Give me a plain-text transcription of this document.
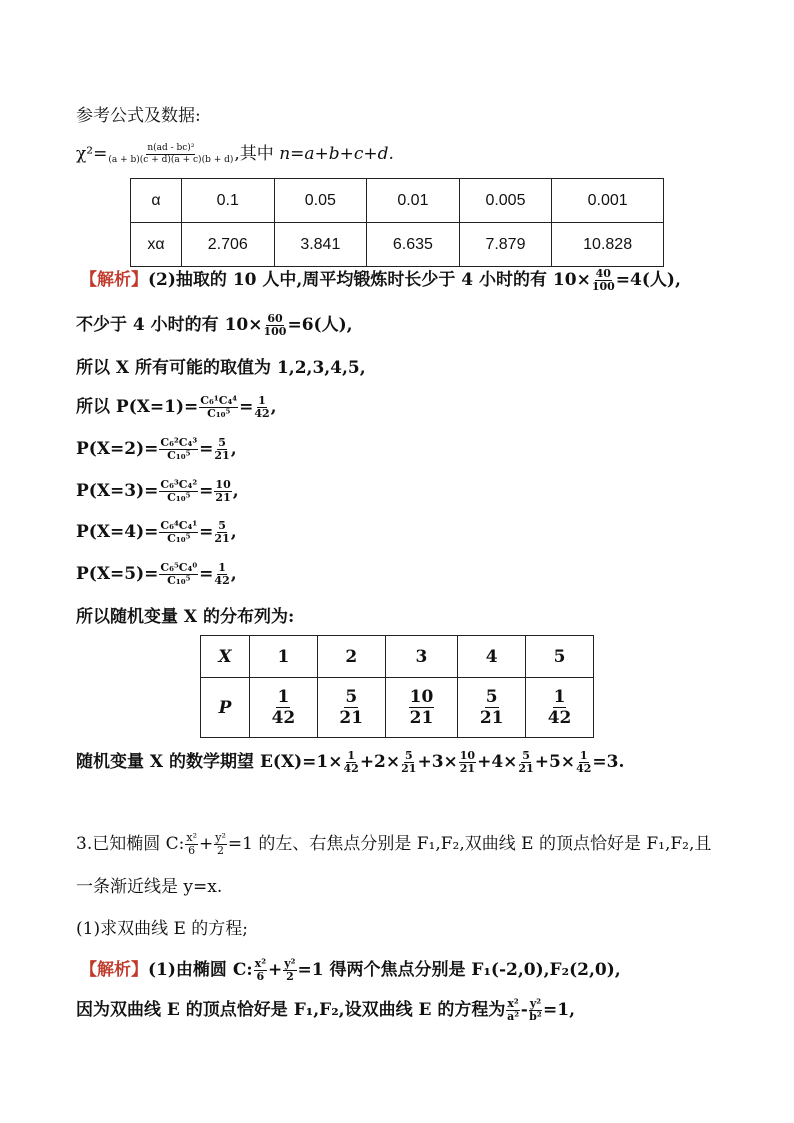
参考公式及数据:
$\chi^2= \frac{\text{n(ad - bc)²}}{(a + b)(c + d)(a + c)(b + d)}$ ,其中 n=a+b+c+d.
α	0.1	0.05	0.01	0.005	0.001
xα	2.706	3.841	6.635	7.879	10.828
【解析】(2)抽取的 10 人中,周平均锻炼时长少于 4 小时的有 $10\times \frac{40}{100} =4$(人),
不少于 4 小时的有 $10\times \frac{60}{100} =6$(人),
所以 X 所有可能的取值为 1,2,3,4,5,
所以 $P(X=1)= \frac{\text{C₆¹C₄⁴}}{\text{C₁₀⁵}} = \frac{1}{42}$ ,
$P(X=2)= \frac{\text{C₆²C₄³}}{\text{C₁₀⁵}} = \frac{5}{21}$ ,
$P(X=3)= \frac{\text{C₆³C₄²}}{\text{C₁₀⁵}} = \frac{10}{21}$ ,
$P(X=4)= \frac{\text{C₆⁴C₄¹}}{\text{C₁₀⁵}} = \frac{5}{21}$ ,
$P(X=5)= \frac{\text{C₆⁵C₄⁰}}{\text{C₁₀⁵}} = \frac{1}{42}$ ,
所以随机变量 X 的分布列为:
X	1	2	3	4	5
P	$\frac{1}{42}$	$\frac{5}{21}$	$\frac{10}{21}$	$\frac{5}{21}$	$\frac{1}{42}$
随机变量 X 的数学期望 $E(X)=1\times \frac{1}{42} +2\times \frac{5}{21} +3\times \frac{10}{21} +4\times \frac{5}{21} +5\times \frac{1}{42} =3$.
3.已知椭圆 C: $\frac{\text{x²}}{6} + \frac{\text{y²}}{2} =1$ 的左、右焦点分别是 F₁,F₂,双曲线 E 的顶点恰好是 F₁,F₂,且
一条渐近线是 y=x.
(1)求双曲线 E 的方程;
【解析】(1)由椭圆 C: $\frac{\text{x²}}{6} + \frac{\text{y²}}{2} =1$ 得两个焦点分别是 F₁(-2,0),F₂(2,0),
因为双曲线 E 的顶点恰好是 F₁,F₂,设双曲线 E 的方程为 $\frac{\text{x²}}{\text{a²}} - \frac{\text{y²}}{\text{b²}} =1$,
